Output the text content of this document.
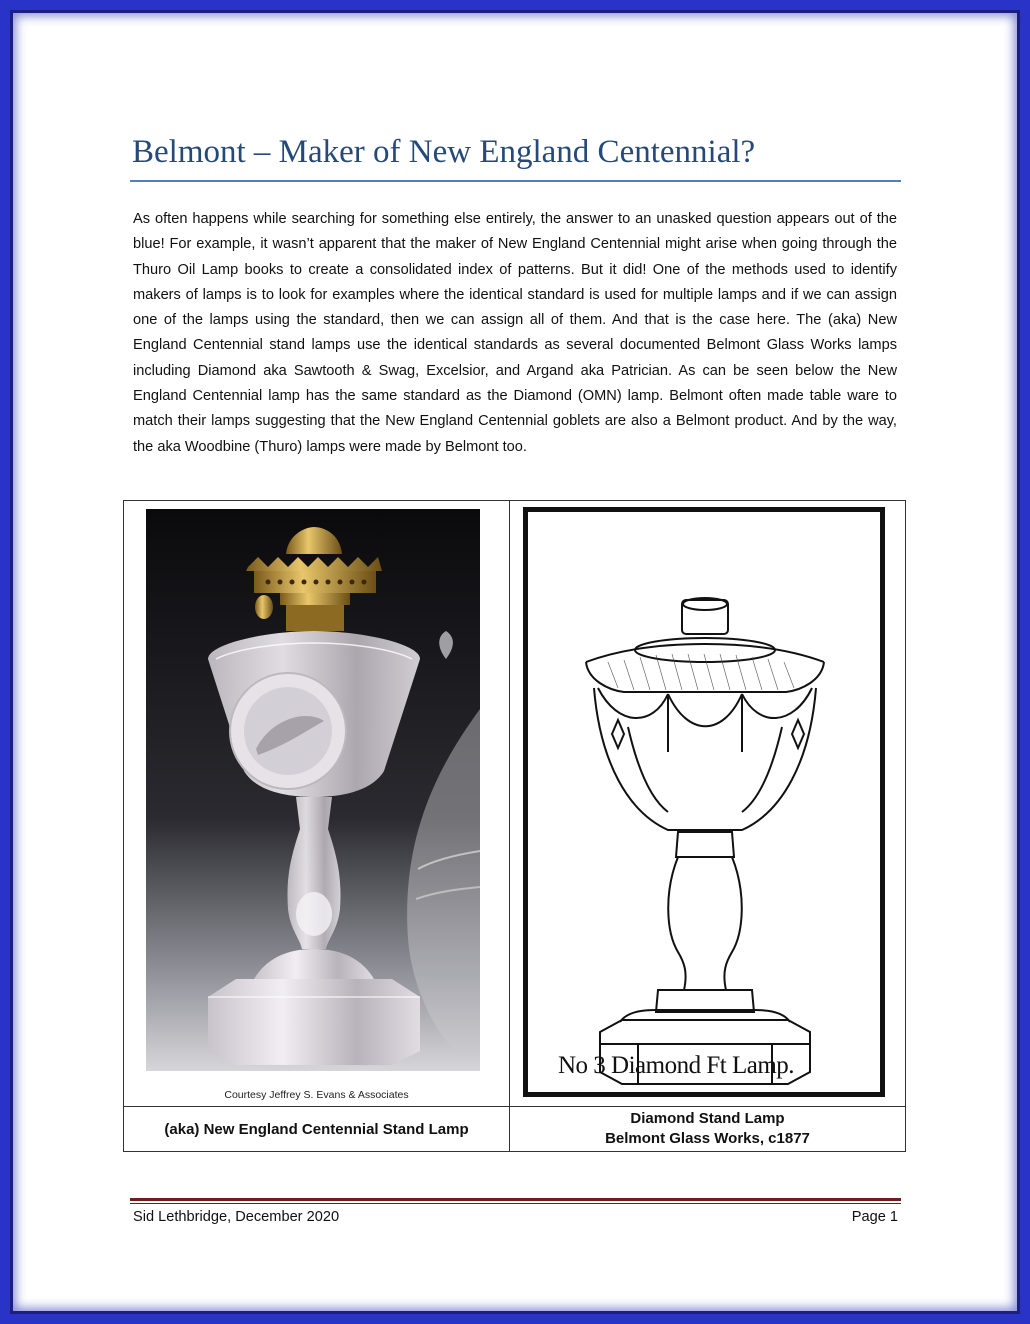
Belmont – Maker of New England Centennial?

As often happens while searching for something else entirely, the answer to an unasked question appears out of the blue! For example, it wasn’t apparent that the maker of New England Centennial might arise when going through the Thuro Oil Lamp books to create a consolidated index of patterns. But it did! One of the methods used to identify makers of lamps is to look for examples where the identical standard is used for multiple lamps and if we can assign one of the lamps using the standard, then we can assign all of them. And that is the case here. The (aka) New England Centennial stand lamps use the identical standards as several documented Belmont Glass Works lamps including Diamond aka Sawtooth & Swag, Excelsior, and Argand aka Patrician. As can be seen below the New England Centennial lamp has the same standard as the Diamond (OMN) lamp. Belmont often made table ware to match their lamps suggesting that the New England Centennial goblets are also a Belmont product. And by the way, the aka Woodbine (Thuro) lamps were made by Belmont too.

Courtesy Jeffrey S. Evans & Associates
No 3 Diamond Ft Lamp.
(aka) New England Centennial Stand Lamp
Diamond Stand Lamp
Belmont Glass Works, c1877
Sid Lethbridge, December 2020	Page 1
